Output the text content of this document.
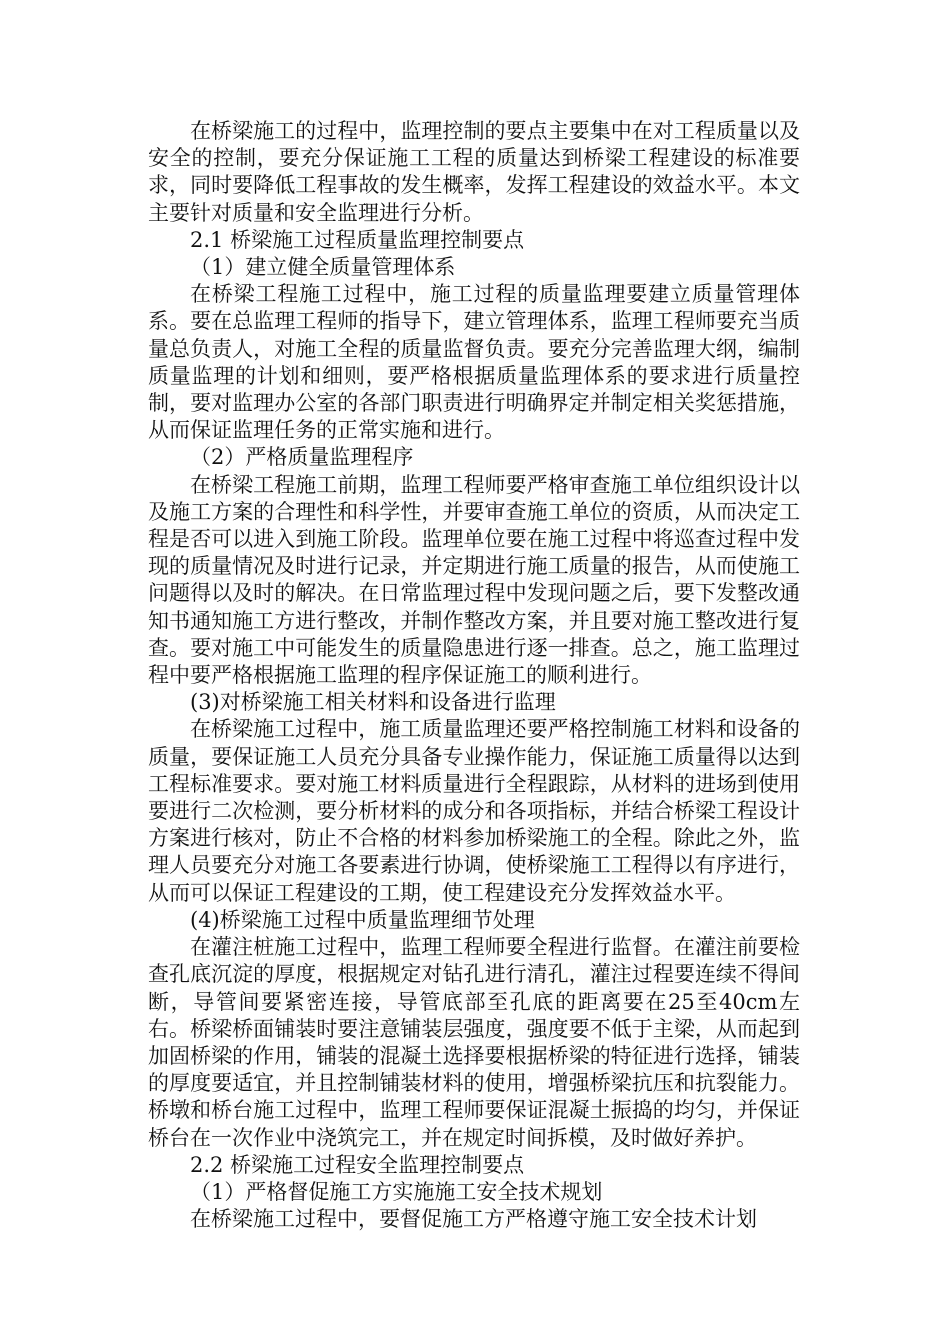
在桥梁施工的过程中，监理控制的要点主要集中在对工程质量以及安全的控制，要充分保证施工工程的质量达到桥梁工程建设的标准要求，同时要降低工程事故的发生概率，发挥工程建设的效益水平。本文主要针对质量和安全监理进行分析。

2.1 桥梁施工过程质量监理控制要点

（1）建立健全质量管理体系

在桥梁工程施工过程中，施工过程的质量监理要建立质量管理体系。要在总监理工程师的指导下，建立管理体系，监理工程师要充当质量总负责人，对施工全程的质量监督负责。要充分完善监理大纲，编制质量监理的计划和细则，要严格根据质量监理体系的要求进行质量控制，要对监理办公室的各部门职责进行明确界定并制定相关奖惩措施，从而保证监理任务的正常实施和进行。

（2）严格质量监理程序

在桥梁工程施工前期，监理工程师要严格审查施工单位组织设计以及施工方案的合理性和科学性，并要审查施工单位的资质，从而决定工程是否可以进入到施工阶段。监理单位要在施工过程中将巡查过程中发现的质量情况及时进行记录，并定期进行施工质量的报告，从而使施工问题得以及时的解决。在日常监理过程中发现问题之后，要下发整改通知书通知施工方进行整改，并制作整改方案，并且要对施工整改进行复查。要对施工中可能发生的质量隐患进行逐一排查。总之，施工监理过程中要严格根据施工监理的程序保证施工的顺利进行。

(3)对桥梁施工相关材料和设备进行监理

在桥梁施工过程中，施工质量监理还要严格控制施工材料和设备的质量，要保证施工人员充分具备专业操作能力，保证施工质量得以达到工程标准要求。要对施工材料质量进行全程跟踪，从材料的进场到使用要进行二次检测，要分析材料的成分和各项指标，并结合桥梁工程设计方案进行核对，防止不合格的材料参加桥梁施工的全程。除此之外，监理人员要充分对施工各要素进行协调，使桥梁施工工程得以有序进行，从而可以保证工程建设的工期，使工程建设充分发挥效益水平。

(4)桥梁施工过程中质量监理细节处理

在灌注桩施工过程中，监理工程师要全程进行监督。在灌注前要检查孔底沉淀的厚度，根据规定对钻孔进行清孔，灌注过程要连续不得间断，导管间要紧密连接，导管底部至孔底的距离要在25至40cm左右。桥梁桥面铺装时要注意铺装层强度，强度要不低于主梁，从而起到加固桥梁的作用，铺装的混凝土选择要根据桥梁的特征进行选择，铺装的厚度要适宜，并且控制铺装材料的使用，增强桥梁抗压和抗裂能力。桥墩和桥台施工过程中，监理工程师要保证混凝土振捣的均匀，并保证桥台在一次作业中浇筑完工，并在规定时间拆模，及时做好养护。

2.2 桥梁施工过程安全监理控制要点

（1）严格督促施工方实施施工安全技术规划

在桥梁施工过程中，要督促施工方严格遵守施工安全技术计划
